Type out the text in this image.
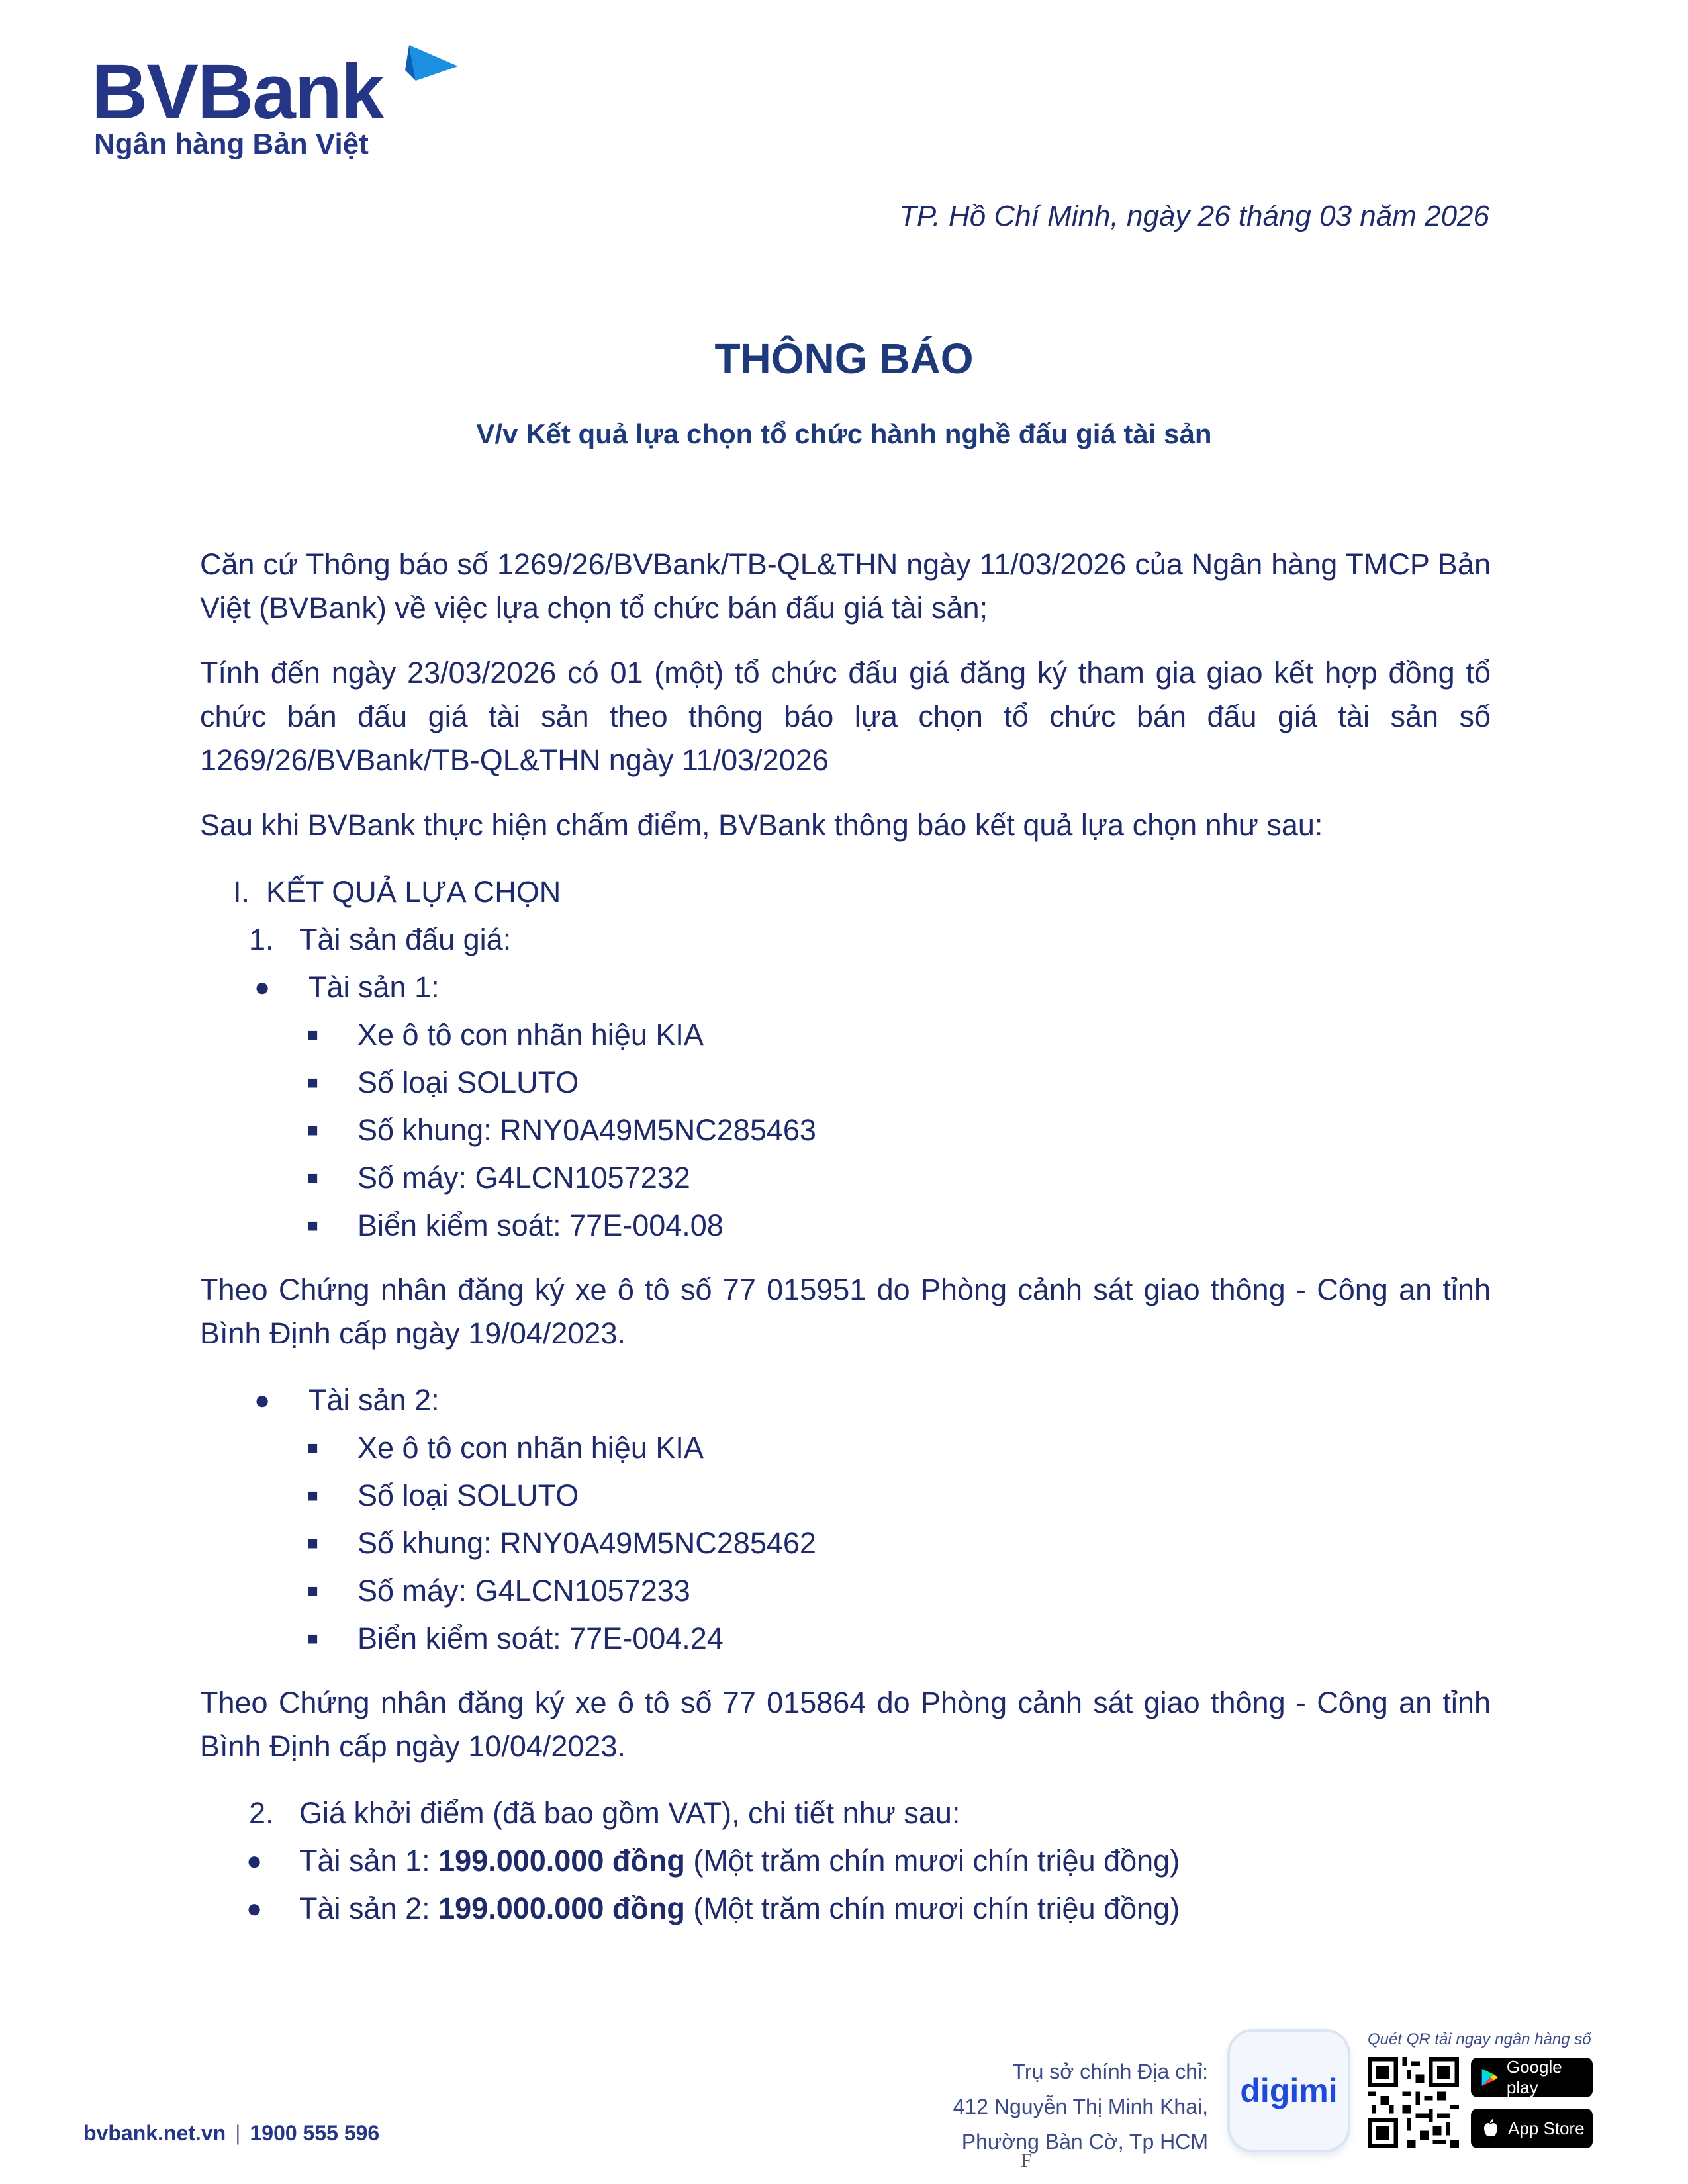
BVBank
Ngân hàng Bản Việt
TP. Hồ Chí Minh, ngày 26 tháng 03 năm 2026
THÔNG BÁO
V/v Kết quả lựa chọn tổ chức hành nghề đấu giá tài sản

Căn cứ Thông báo số 1269/26/BVBank/TB-QL&THN ngày 11/03/2026 của Ngân hàng TMCP Bản Việt (BVBank) về việc lựa chọn tổ chức bán đấu giá tài sản;

Tính đến ngày 23/03/2026 có 01 (một) tổ chức đấu giá đăng ký tham gia giao kết hợp đồng tổ chức bán đấu giá tài sản theo thông báo lựa chọn tổ chức bán đấu giá tài sản số 1269/26/BVBank/TB-QL&THN ngày 11/03/2026

Sau khi BVBank thực hiện chấm điểm, BVBank thông báo kết quả lựa chọn như sau:

I. KẾT QUẢ LỰA CHỌN
1. Tài sản đấu giá:
●	Tài sản 1:
■	Xe ô tô con nhãn hiệu KIA
■	Số loại SOLUTO
■	Số khung: RNY0A49M5NC285463
■	Số máy: G4LCN1057232
■	Biển kiểm soát: 77E-004.08

Theo Chứng nhân đăng ký xe ô tô số 77 015951 do Phòng cảnh sát giao thông - Công an tỉnh Bình Định cấp ngày 19/04/2023.

●	Tài sản 2:
■	Xe ô tô con nhãn hiệu KIA
■	Số loại SOLUTO
■	Số khung: RNY0A49M5NC285462
■	Số máy: G4LCN1057233
■	Biển kiểm soát: 77E-004.24

Theo Chứng nhân đăng ký xe ô tô số 77 015864 do Phòng cảnh sát giao thông - Công an tỉnh Bình Định cấp ngày 10/04/2023.

2. Giá khởi điểm (đã bao gồm VAT), chi tiết như sau:
●	Tài sản 1: 199.000.000 đồng (Một trăm chín mươi chín triệu đồng)
●	Tài sản 2: 199.000.000 đồng (Một trăm chín mươi chín triệu đồng)
bvbank.net.vn | 1900 555 596
Trụ sở chính Địa chỉ:
412 Nguyễn Thị Minh Khai,
Phường Bàn Cờ, Tp HCM
digimi
Quét QR tải ngay ngân hàng số
Google play
App Store
F
